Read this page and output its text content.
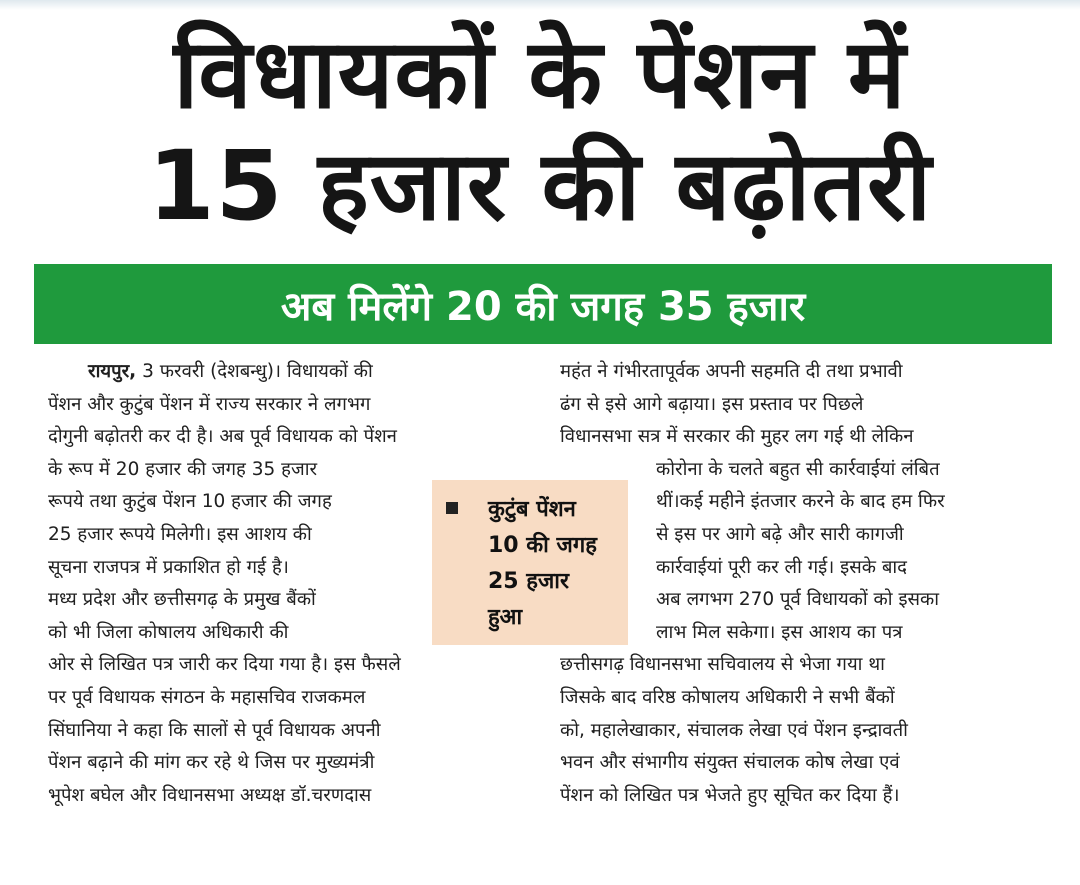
विधायकों के पेंशन में
15 हजार की बढ़ोतरी
अब मिलेंगे 20 की जगह 35 हजार
रायपुर, 3 फरवरी (देशबन्धु)। विधायकों की
पेंशन और कुटुंब पेंशन में राज्य सरकार ने लगभग
दोगुनी बढ़ोतरी कर दी है। अब पूर्व विधायक को पेंशन
के रूप में 20 हजार की जगह 35 हजार
रूपये तथा कुटुंब पेंशन 10 हजार की जगह
25 हजार रूपये मिलेगी। इस आशय की
सूचना राजपत्र में प्रकाशित हो गई है।
मध्य प्रदेश और छत्तीसगढ़ के प्रमुख बैंकों
को भी जिला कोषालय अधिकारी की
ओर से लिखित पत्र जारी कर दिया गया है। इस फैसले
पर पूर्व विधायक संगठन के महासचिव राजकमल
सिंघानिया ने कहा कि सालों से पूर्व विधायक अपनी
पेंशन बढ़ाने की मांग कर रहे थे जिस पर मुख्यमंत्री
भूपेश बघेल और विधानसभा अध्यक्ष डॉ.चरणदास
महंत ने गंभीरतापूर्वक अपनी सहमति दी तथा प्रभावी
ढंग से इसे आगे बढ़ाया। इस प्रस्ताव पर पिछले
विधानसभा सत्र में सरकार की मुहर लग गई थी लेकिन
कोरोना के चलते बहुत सी कार्रवाईयां लंबित
थीं।कई महीने इंतजार करने के बाद हम फिर
से इस पर आगे बढ़े और सारी कागजी
कार्रवाईयां पूरी कर ली गई। इसके बाद
अब लगभग 270 पूर्व विधायकों को इसका
लाभ मिल सकेगा। इस आशय का पत्र
छत्तीसगढ़ विधानसभा सचिवालय से भेजा गया था
जिसके बाद वरिष्ठ कोषालय अधिकारी ने सभी बैंकों
को, महालेखाकार, संचालक लेखा एवं पेंशन इन्द्रावती
भवन और संभागीय संयुक्त संचालक कोष लेखा एवं
पेंशन को लिखित पत्र भेजते हुए सूचित कर दिया हैं।
कुटुंब पेंशन
10 की जगह
25 हजार
हुआ
